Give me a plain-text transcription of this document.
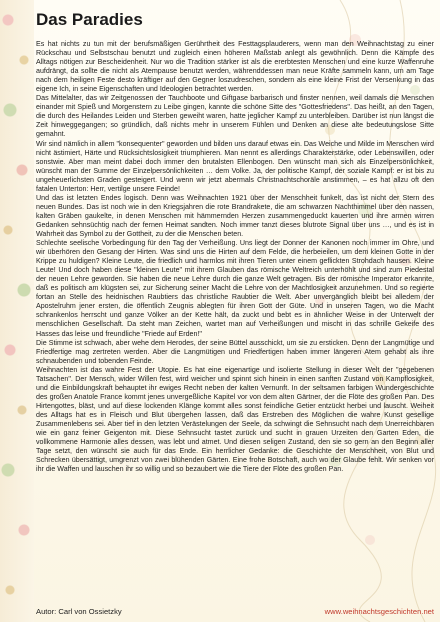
Das Paradies

Es hat nichts zu tun mit der berufsmäßigen Gerührtheit des Festtagsplauderers, wenn man den Weihnachtstag zu einer Rückschau und Selbstschau benutzt und zugleich einen höheren Maßstab anlegt als gewöhnlich. Denn die Kämpfe des Alltags nötigen zur Bescheidenheit. Nur wo die Tradition stärker ist als die ererbtesten Menschen und eine kurze Waffenruhe aufdrängt, da sollte die nicht als Atempause benutzt werden, währenddessen man neue Kräfte sammeln kann, um am Tage nach dem heiligen Feste desto kräftiger auf den Gegner loszudreschen, sondern als eine kleine Frist der Versenkung in das eigene Ich, in seine Eigenschaften und Ideologien betrachtet werden.

Das Mittelalter, das wir Zeitgenossen der Tauchboote und Giftgase barbarisch und finster nennen, weil damals die Menschen einander mit Spieß und Morgenstern zu Leibe gingen, kannte die schöne Sitte des "Gottesfriedens". Das heißt, an den Tagen, die durch des Heilandes Leiden und Sterben geweiht waren, hatte jeglicher Kampf zu unterbleiben. Darüber ist nun längst die Zeit hinweggegangen; so gründlich, daß nichts mehr in unserem Fühlen und Denken an diese alte bedeutungslose Sitte gemahnt.

Wir sind nämlich in allem "konsequenter" geworden und bilden uns darauf etwas ein. Das Weiche und Milde im Menschen wird nicht ästimiert, Härte und Rücksichtslosigkeit triumphieren. Man nennt es allerdings Charakterstärke, oder Lebenswillen, oder sonstwie. Aber man meint dabei doch immer den brutalsten Ellenbogen. Den wünscht man sich als Einzelpersönlichkeit, wünscht man der Summe der Einzelpersönlichkeiten … dem Volke. Ja, der politische Kampf, der soziale Kampf: er ist bis zu ungeheuerlichsten Graden gesteigert. Und wenn wir jetzt abermals Christnachtschoräle anstimmen, – es hat allzu oft den fatalen Unterton: Herr, vertilge unsere Feinde!

Und das ist letzten Endes logisch. Denn was Weihnachten 1921 über der Menschheit funkelt, das ist nicht der Stern des neuen Bundes. Das ist noch wie in den Kriegsjahren die rote Brandrakete, die am schwarzen Nachthimmel über den nassen, kalten Gräben gaukelte, in denen Menschen mit hämmernden Herzen zusammengeduckt kauerten und ihre armen wirren Gedanken sehnsüchtig nach der fernen Heimat sandten. Noch immer tanzt dieses blutrote Signal über uns …, und es ist in Wahrheit das Symbol zu der Gottheit, zu der die Menschen beten.

Schlechte seelische Vorbedingung für den Tag der Verheißung. Uns liegt der Donner der Kanonen noch immer im Ohre, und wir überhören den Gesang der Hirten. Was sind uns die Hirten auf dem Felde, die herbeieilen, um dem kleinen Gotte in der Krippe zu huldigen? Kleine Leute, die friedlich und harmlos mit ihren Tieren unter einem geflickten Strohdach hausen. Kleine Leute! Und doch haben diese "kleinen Leute" mit ihrem Glauben das römische Weltreich unterhöhlt und sind zum Piedestal der neuen Lehre geworden. Sie haben die neue Lehre durch die ganze Welt getragen. Bis der römische Imperator erkannte, daß es politisch am klügsten sei, zur Sicherung seiner Macht die Lehre von der Machtlosigkeit anzunehmen. Und so regierte fortan an Stelle des heidnischen Raubtiers das christliche Raubtier die Welt. Aber unvergänglich bleibt bei alledem der Apostelruhm jener ersten, die öffentlich Zeugnis ablegten für ihren Gott der Güte. Und in unseren Tagen, wo die Macht schrankenlos herrscht und ganze Völker an der Kette hält, da zuckt und bebt es in ähnlicher Weise in der Unterwelt der menschlichen Gesellschaft. Da steht man Zeichen, wartet man auf Verheißungen und mischt in das schrille Gekeife des Hasses das leise und freundliche "Friede auf Erden!"

Die Stimme ist schwach, aber wehe dem Herodes, der seine Büttel ausschickt, um sie zu ersticken. Denn der Langmütige und Friedfertige mag zertreten werden. Aber die Langmütigen und Friedfertigen haben immer längeren Atem gehabt als ihre schnaubenden und tobenden Feinde.

Weihnachten ist das wahre Fest der Utopie. Es hat eine eigenartige und isolierte Stellung in dieser Welt der "gegebenen Tatsachen". Der Mensch, wider Willen fest, wird weicher und spinnt sich hinein in einen sanften Zustand von Kampflosigkeit, und die Einbildungskraft behauptet ihr ewiges Recht neben der kalten Vernunft. In der seltsamen farbigen Wundergeschichte des großen Anatole France kommt jenes unvergeßliche Kapitel vor von dem alten Gärtner, der die Flöte des großen Pan. Des Hirtengottes, bläst, und auf diese lockenden Klänge kommt alles sonst feindliche Getier entzückt herbei und lauscht. Weiheit des Alltags hat es in Fleisch und Blut übergehen lassen, daß das Erstreben des Möglichen die wahre Kunst gesellige Zusammenlebens sei. Aber tief in den letzten Verästelungen der Seele, da schwingt die Sehnsucht nach dem Unerreichbaren wie ein ganz feiner Geigenton mit. Diese Sehnsucht tastet zurück und sucht in grauen Urzeiten den Garten Eden, die vollkommene Harmonie alles dessen, was lebt und atmet. Und diesen seligen Zustand, den sie so gern an den Beginn aller Tage setzt, den wünscht sie auch für das Ende. Ein herrlicher Gedanke: die Geschichte der Menschheit, von Blut und Schrecken übersättigt, umgrenzt von zwei blühenden Gärten. Eine frohe Botschaft, auch wo der Glaube fehlt. Wir senken vor ihr die Waffen und lauschen ihr so willig und so bezaubert wie die Tiere der Flöte des großen Pan.

Autor: Carl von Ossietzky	www.weihnachtsgeschichten.net
